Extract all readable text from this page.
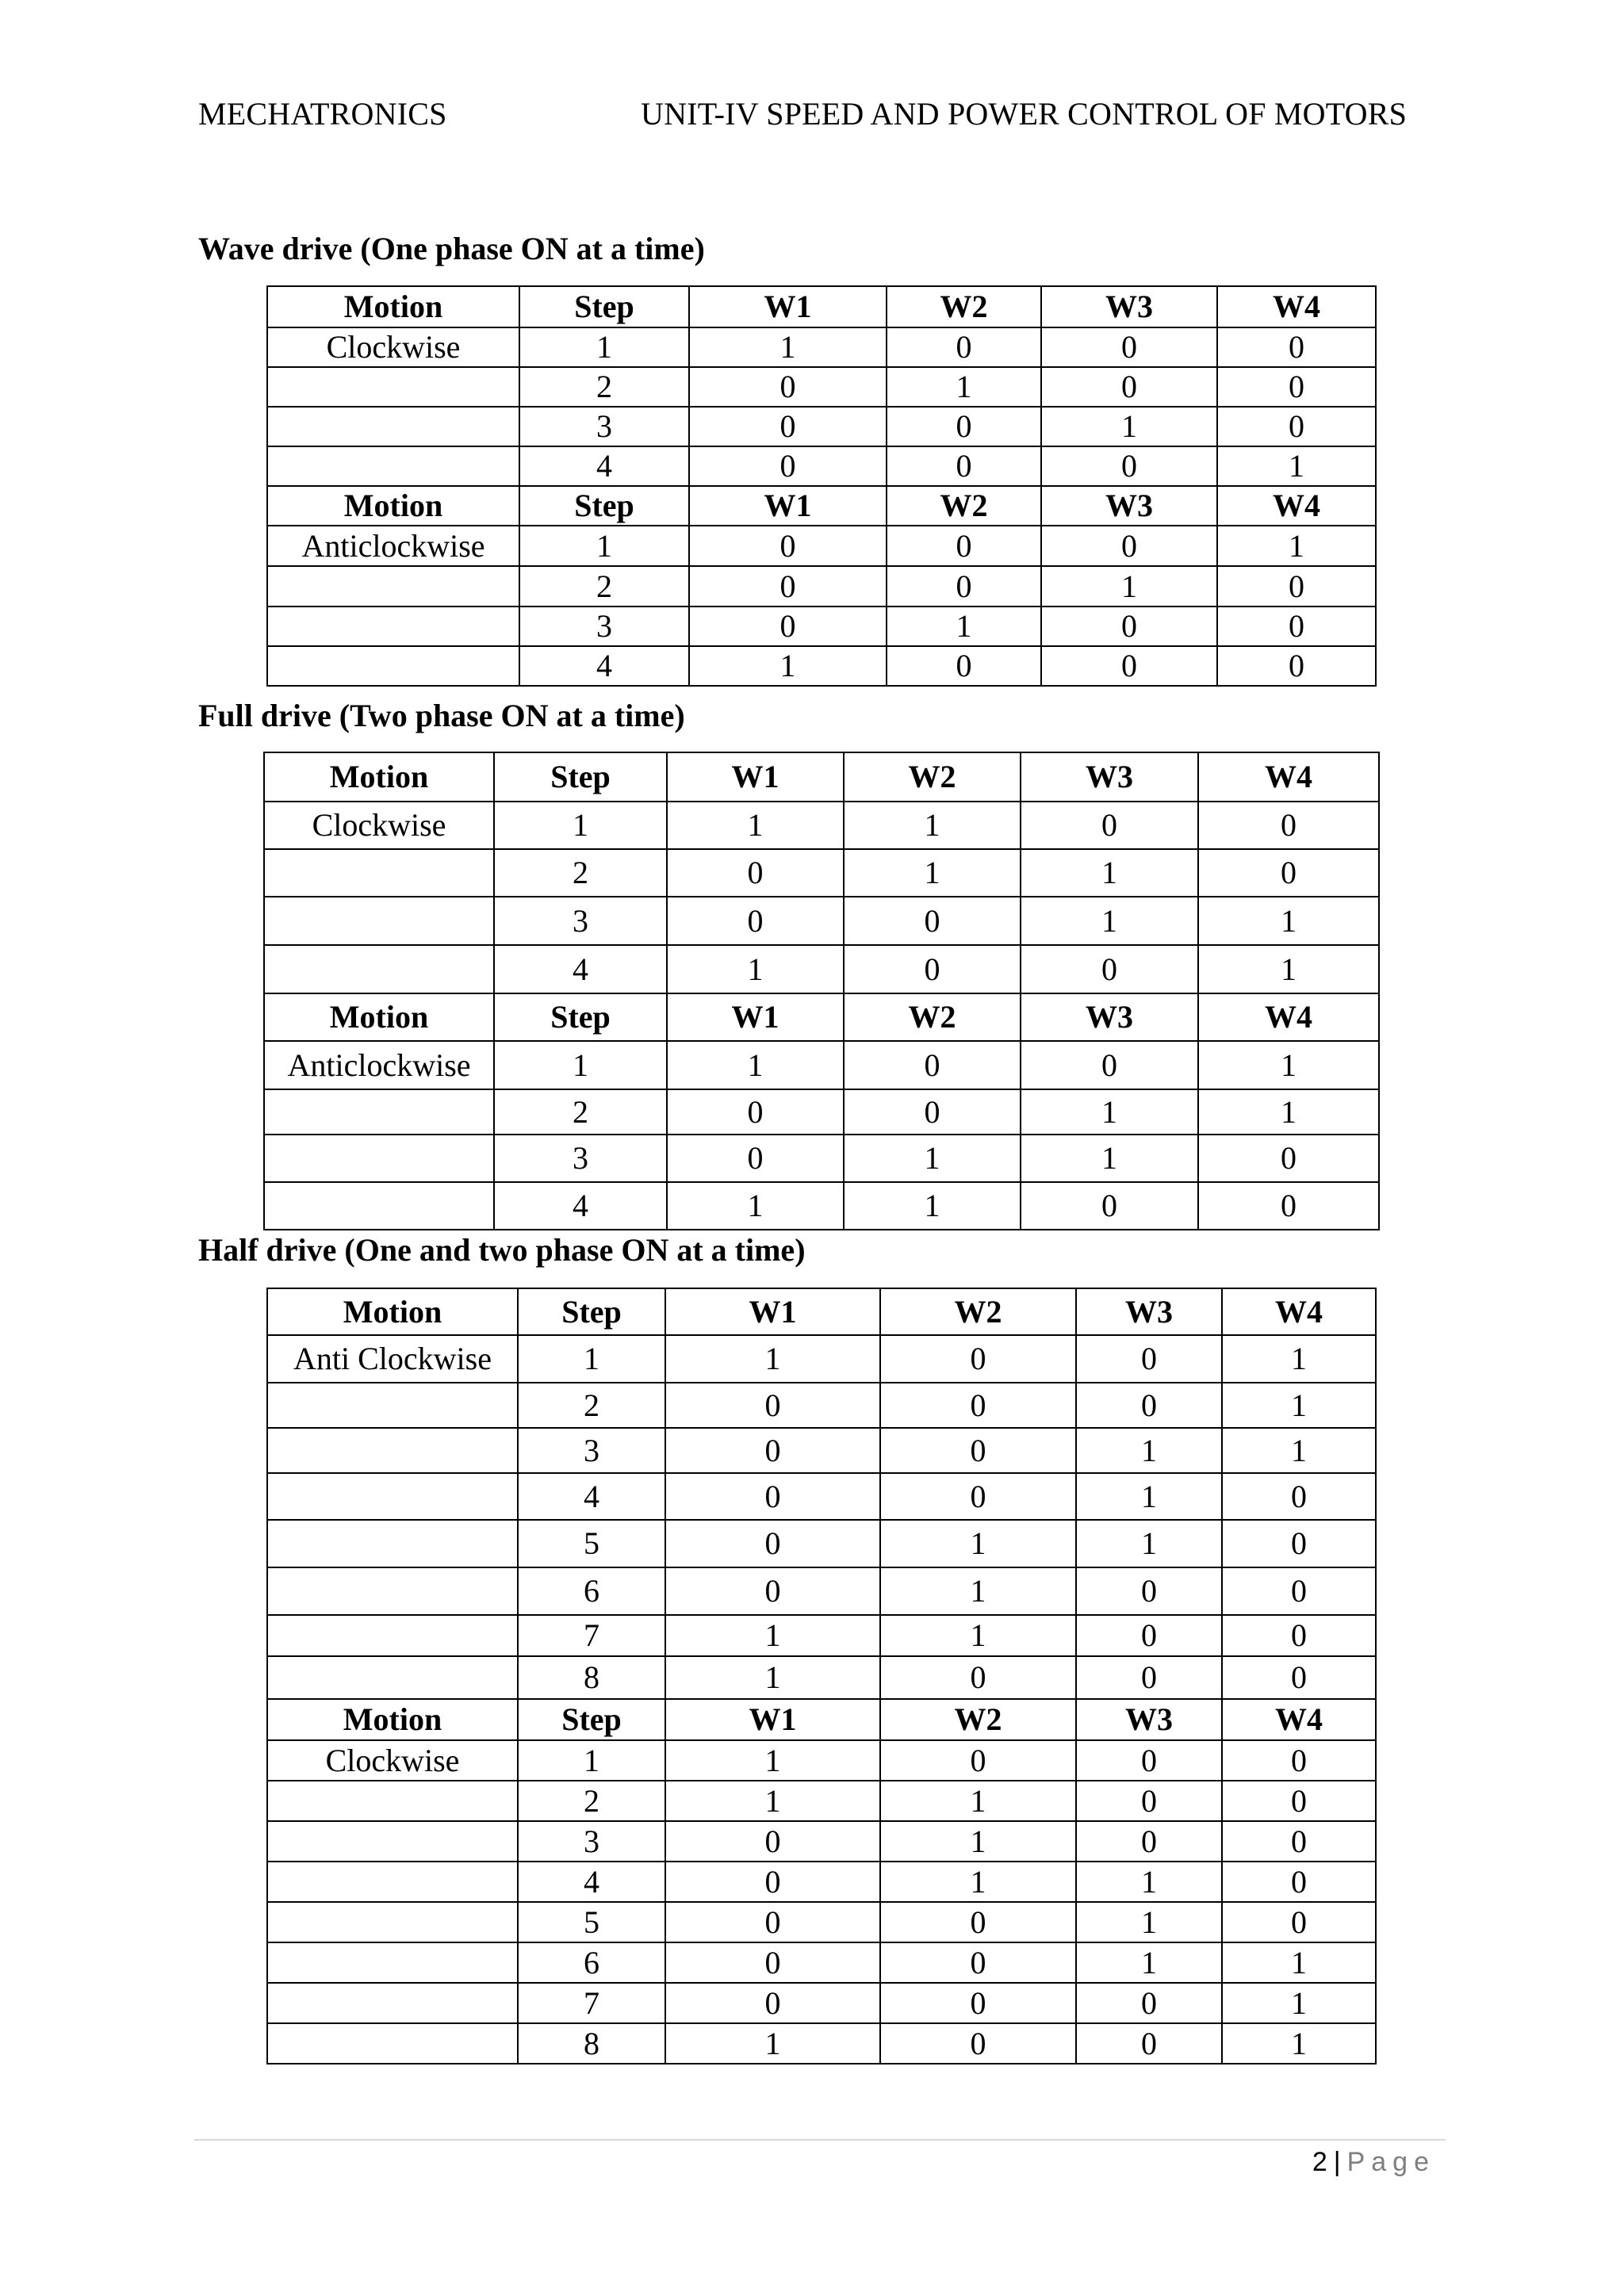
MECHATRONICS	UNIT-IV SPEED AND POWER CONTROL OF MOTORS
Wave drive (One phase ON at a time)
Motion	Step	W1	W2	W3	W4
Clockwise	1	1	0	0	0
	2	0	1	0	0
	3	0	0	1	0
	4	0	0	0	1
Motion	Step	W1	W2	W3	W4
Anticlockwise	1	0	0	0	1
	2	0	0	1	0
	3	0	1	0	0
	4	1	0	0	0
Full drive (Two phase ON at a time)
Motion	Step	W1	W2	W3	W4
Clockwise	1	1	1	0	0
	2	0	1	1	0
	3	0	0	1	1
	4	1	0	0	1
Motion	Step	W1	W2	W3	W4
Anticlockwise	1	1	0	0	1
	2	0	0	1	1
	3	0	1	1	0
	4	1	1	0	0
Half drive (One and two phase ON at a time)
Motion	Step	W1	W2	W3	W4
Anti Clockwise	1	1	0	0	1
	2	0	0	0	1
	3	0	0	1	1
	4	0	0	1	0
	5	0	1	1	0
	6	0	1	0	0
	7	1	1	0	0
	8	1	0	0	0
Motion	Step	W1	W2	W3	W4
Clockwise	1	1	0	0	0
	2	1	1	0	0
	3	0	1	0	0
	4	0	1	1	0
	5	0	0	1	0
	6	0	0	1	1
	7	0	0	0	1
	8	1	0	0	1
2 | Page
